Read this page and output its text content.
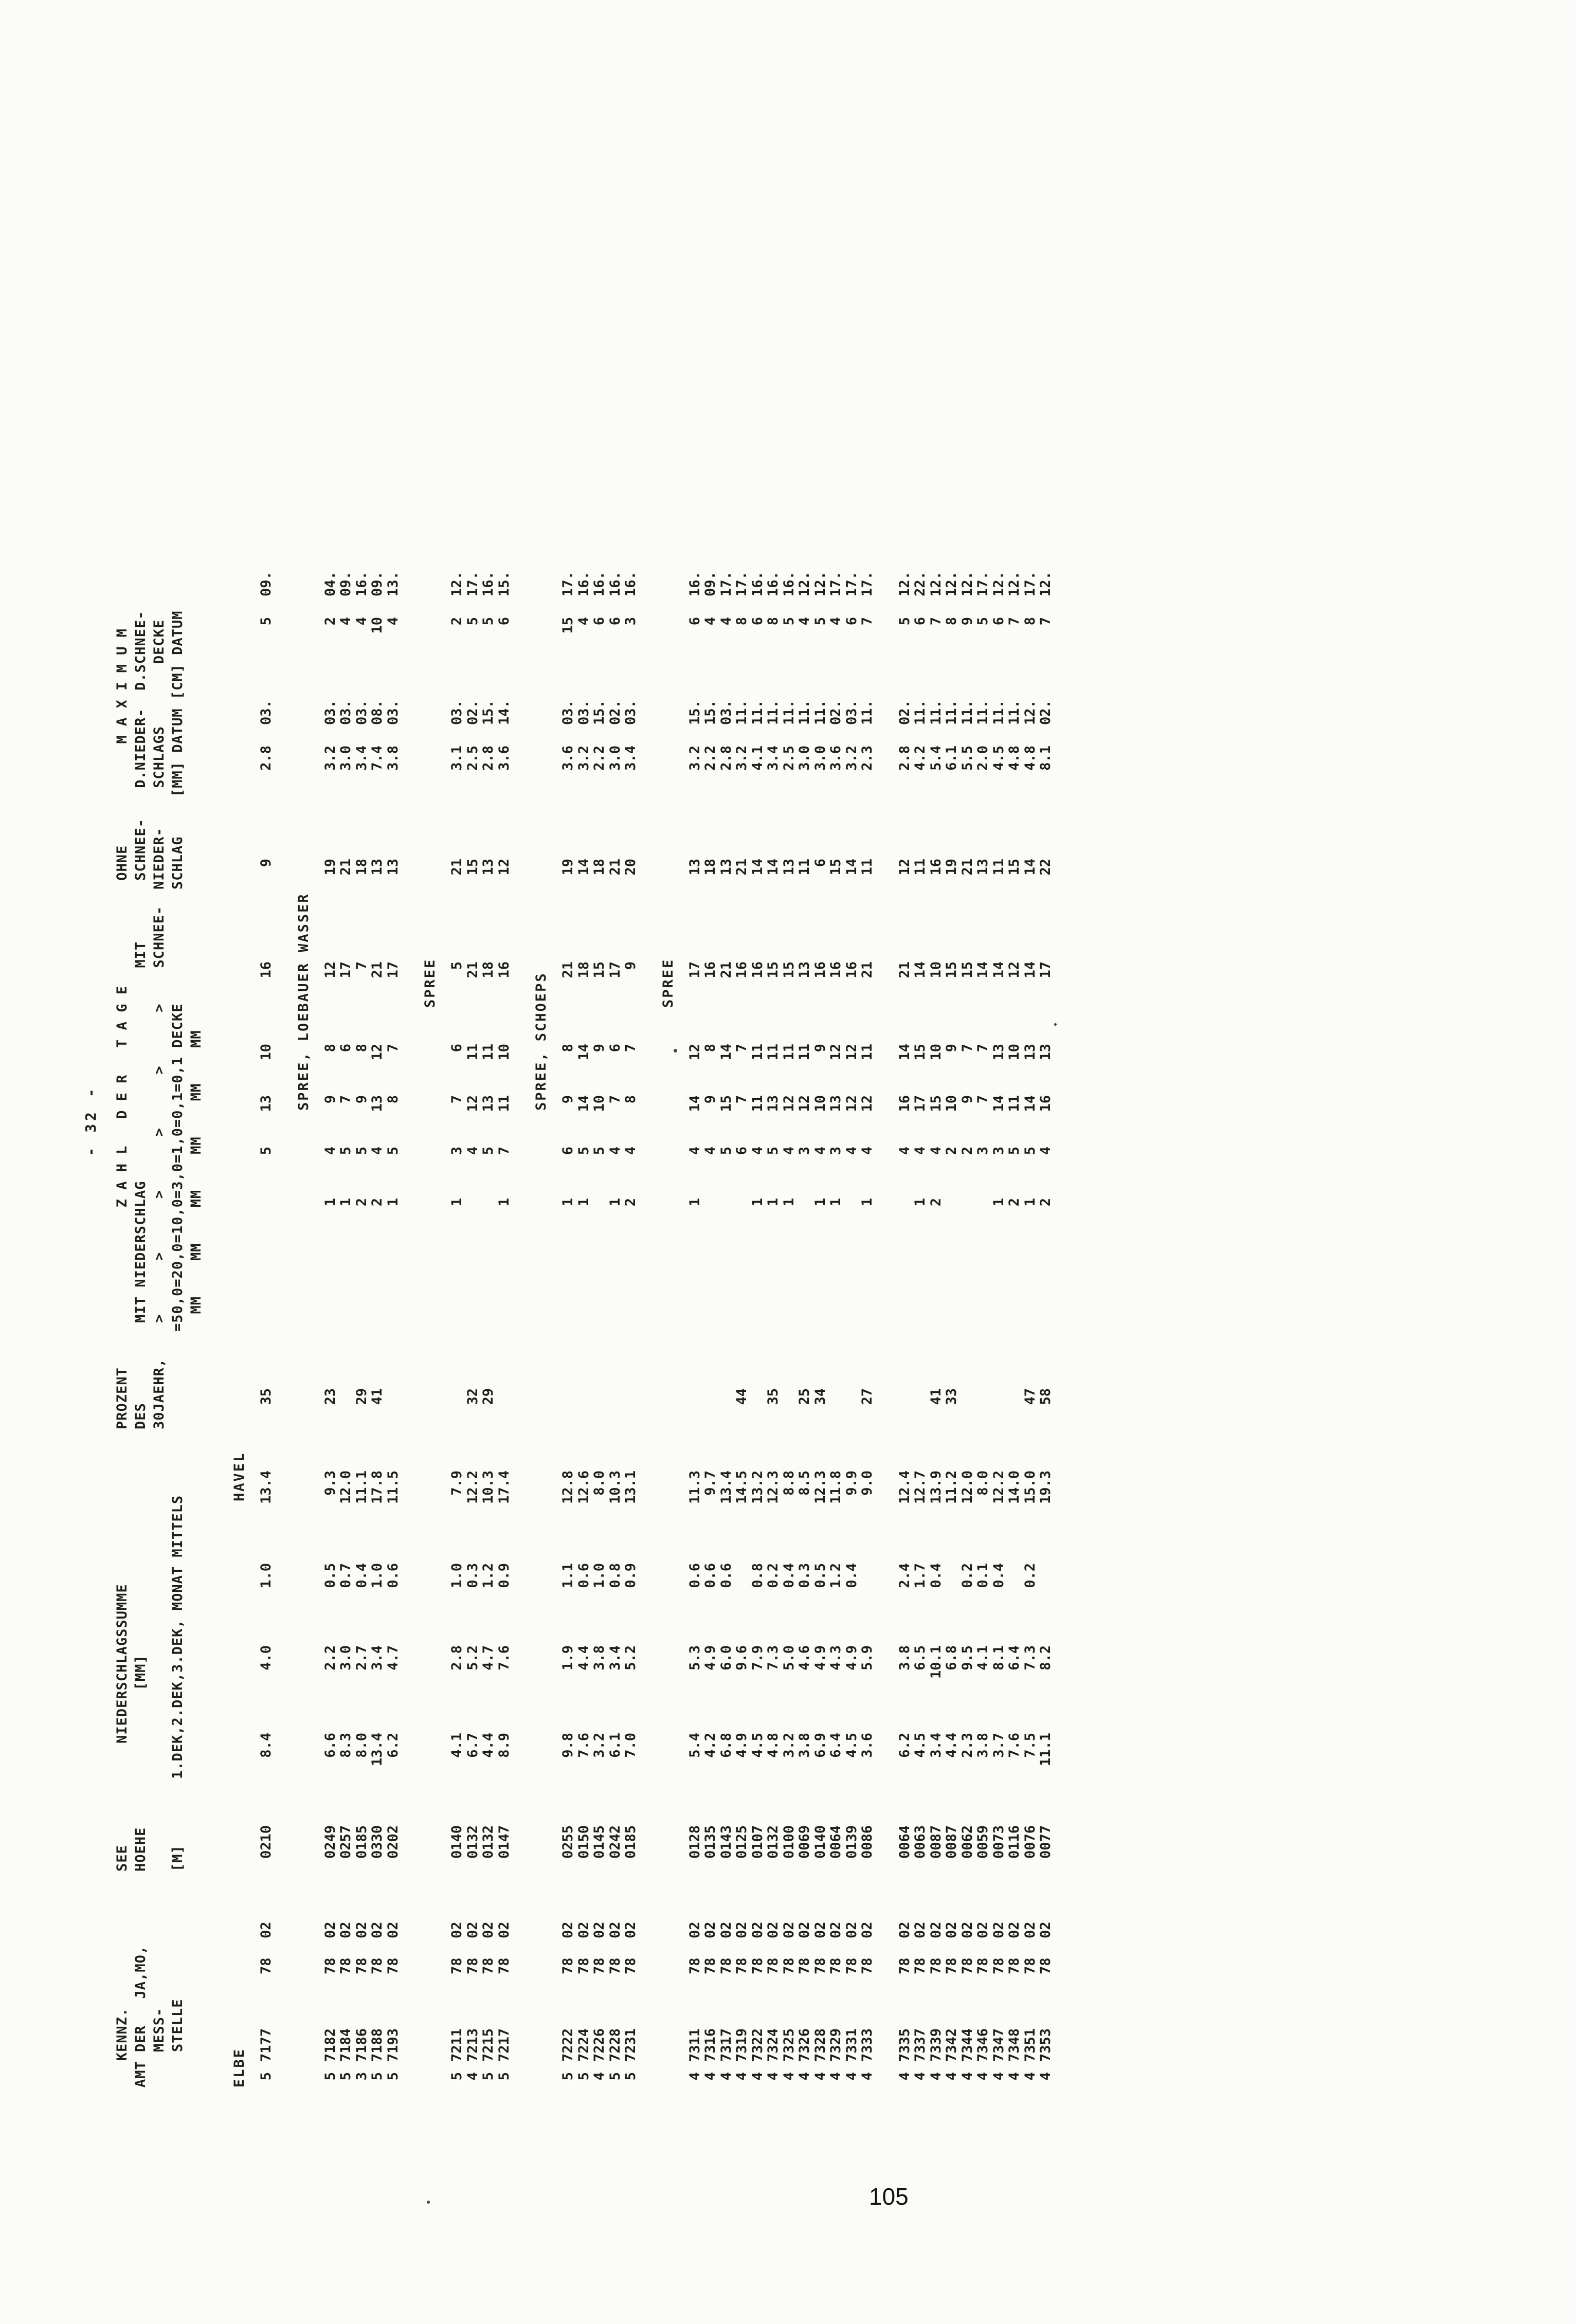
- 32 -
KENNZ.
AMT DER   JA,MO,
MESS-
STELLE
SEE
HOEHE

[M]
NIEDERSCHLAGSSUMME
[MM]

1.DEK,2.DEK,3.DEK, MONAT MITTELS
PROZENT
DES
30JAEHR,
Z A H L   D E R   T A G E
MIT NIEDERSCHLAG                        MIT
>      >      >      >      >      >    SCHNEE-
=50,0=20,0=10,0=3,0=1,0=0,1=0,1 DECKE
MM    MM    MM    MM    MM    MM
OHNE
SCHNEE-
NIEDER-
SCHLAG
M A X I M U M
D.NIEDER-  D.SCHNEE-
SCHLAGS       DECKE
[MM] DATUM [CM] DATUM
ELBE
HAVEL
5
7177
78
02
0210
8.4
4.0
1.0
13.4
35
5
13
10
16
9
2.8
03.
5
09.
SPREE, LOEBAUER WASSER
5
7182
78
02
0249
6.6
2.2
0.5
9.3
23
1
4
9
8
12
19
3.2
03.
2
04.
5
7184
78
02
0257
8.3
3.0
0.7
12.0
1
5
7
6
17
21
3.0
03.
4
09.
3
7186
78
02
0185
8.0
2.7
0.4
11.1
29
2
5
9
8
7
18
3.4
03.
4
16.
5
7188
78
02
0330
13.4
3.4
1.0
17.8
41
2
4
13
12
21
13
7.4
08.
10
09.
5
7193
78
02
0202
6.2
4.7
0.6
11.5
1
5
8
7
17
13
3.8
03.
4
13.
SPREE
5
7211
78
02
0140
4.1
2.8
1.0
7.9
1
3
7
6
5
21
3.1
03.
2
12.
4
7213
78
02
0132
6.7
5.2
0.3
12.2
32
4
12
11
21
15
2.5
02.
5
17.
5
7215
78
02
0132
4.4
4.7
1.2
10.3
29
5
13
11
18
13
2.8
15.
5
16.
5
7217
78
02
0147
8.9
7.6
0.9
17.4
1
7
11
10
16
12
3.6
14.
6
15.
SPREE, SCHOEPS
5
7222
78
02
0255
9.8
1.9
1.1
12.8
1
6
9
8
21
19
3.6
03.
15
17.
5
7224
78
02
0150
7.6
4.4
0.6
12.6
1
5
14
14
18
14
3.2
03.
4
16.
4
7226
78
02
0145
3.2
3.8
1.0
8.0
5
10
9
15
18
2.2
15.
6
16.
5
7228
78
02
0242
6.1
3.4
0.8
10.3
1
4
7
6
17
21
3.0
02.
6
16.
5
7231
78
02
0185
7.0
5.2
0.9
13.1
2
4
8
7
9
20
3.4
03.
3
16.
SPREE
4
7311
78
02
0128
5.4
5.3
0.6
11.3
1
4
14
12
17
13
3.2
15.
6
16.
4
7316
78
02
0135
4.2
4.9
0.6
9.7
4
9
8
16
18
2.2
15.
4
09.
4
7317
78
02
0143
6.8
6.0
0.6
13.4
5
15
14
21
13
2.8
03.
4
17.
4
7319
78
02
0125
4.9
9.6
14.5
44
6
7
7
16
21
3.2
11.
8
17.
4
7322
78
02
0107
4.5
7.9
0.8
13.2
1
4
11
11
16
14
4.1
11.
6
16.
4
7324
78
02
0132
4.8
7.3
0.2
12.3
35
1
5
13
11
15
14
3.4
11.
8
16.
4
7325
78
02
0100
3.2
5.0
0.4
8.8
1
4
12
11
15
13
2.5
11.
5
16.
4
7326
78
02
0069
3.8
4.6
0.3
8.5
25
3
12
11
13
11
3.0
11.
4
12.
4
7328
78
02
0140
6.9
4.9
0.5
12.3
34
1
4
10
9
16
6
3.0
11.
5
12.
4
7329
78
02
0064
6.4
4.3
1.2
11.8
1
3
13
12
16
15
3.6
02.
4
17.
4
7331
78
02
0139
4.5
4.9
0.4
9.9
4
12
12
16
14
3.2
03.
6
17.
4
7333
78
02
0086
3.6
5.9
9.0
27
1
4
12
11
21
11
2.3
11.
7
17.
4
7335
78
02
0064
6.2
3.8
2.4
12.4
4
16
14
21
12
2.8
02.
5
12.
4
7337
78
02
0063
4.5
6.5
1.7
12.7
1
4
17
15
14
11
4.2
11.
6
22.
4
7339
78
02
0087
3.4
10.1
0.4
13.9
41
2
4
15
10
10
16
5.4
11.
7
12.
4
7342
78
02
0087
4.4
6.8
11.2
33
2
10
9
15
19
6.1
11.
8
12.
4
7344
78
02
0062
2.3
9.5
0.2
12.0
2
9
7
15
21
5.5
11.
9
12.
4
7346
78
02
0059
3.8
4.1
0.1
8.0
3
7
7
14
13
2.0
11.
5
17.
4
7347
78
02
0073
3.7
8.1
0.4
12.2
1
3
14
13
14
11
4.5
11.
6
12.
4
7348
78
02
0116
7.6
6.4
14.0
2
5
11
10
12
15
4.8
11.
7
12.
4
7351
78
02
0076
7.5
7.3
0.2
15.0
47
1
5
14
13
14
14
4.8
12.
8
17.
4
7353
78
02
0077
11.1
8.2
19.3
58
2
4
16
13
17
22
8.1
02.
7
12.
105
